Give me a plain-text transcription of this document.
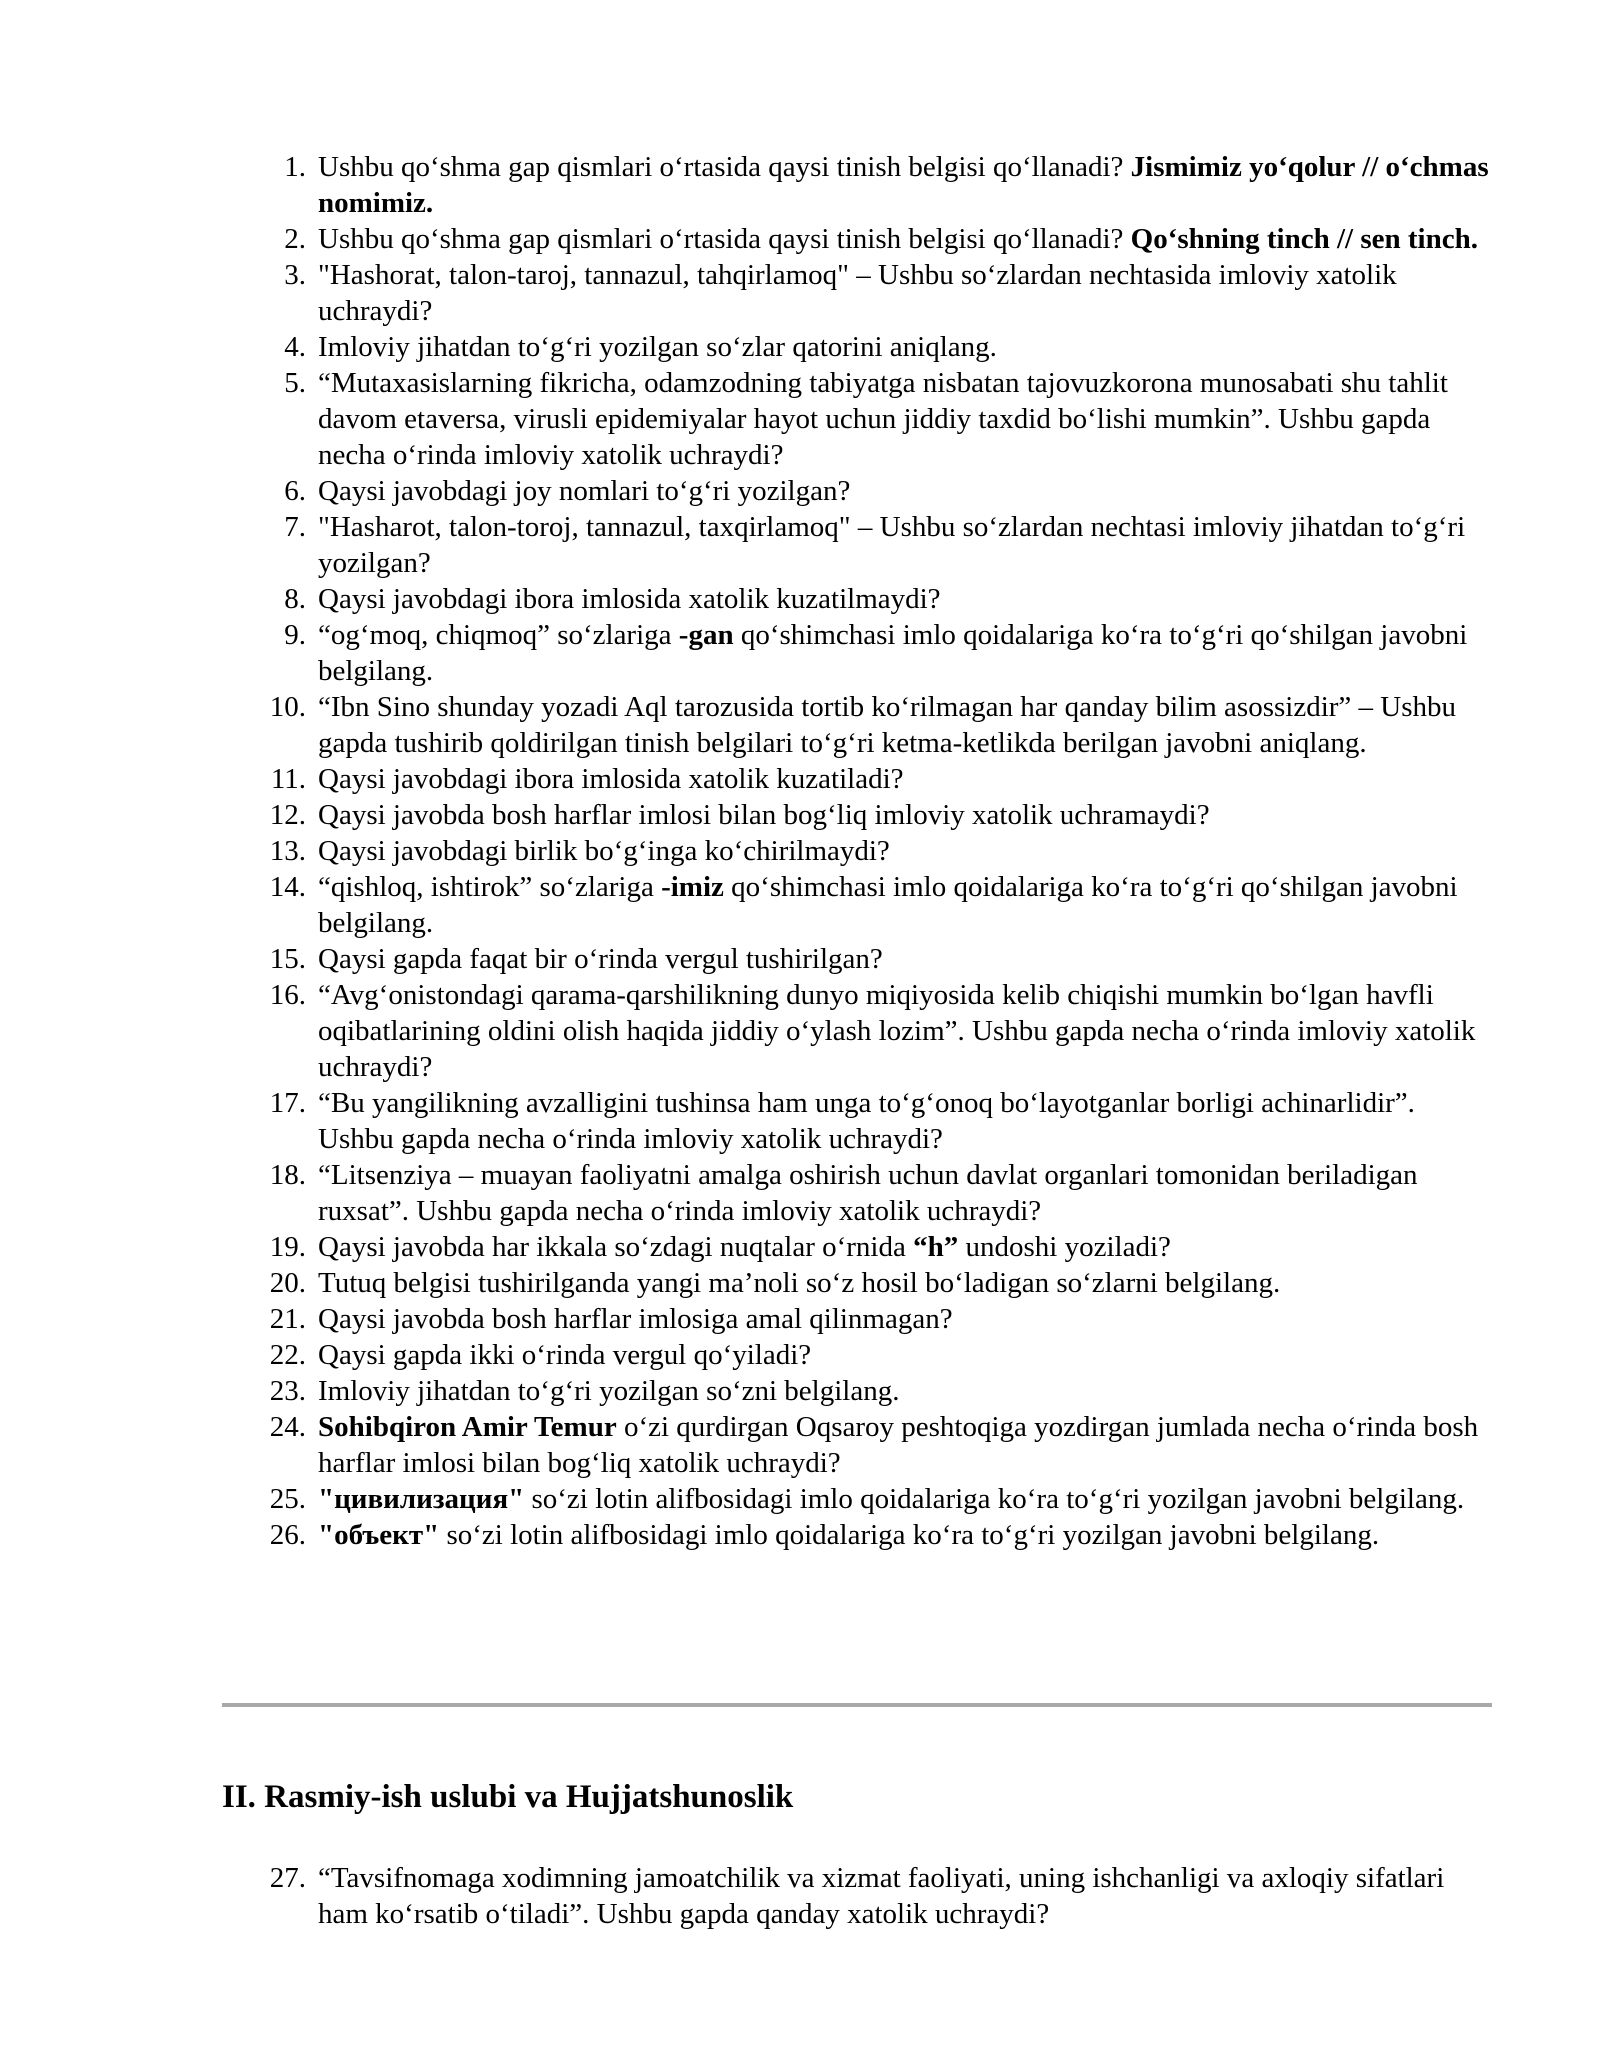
1. Ushbu qoʻshma gap qismlari oʻrtasida qaysi tinish belgisi qoʻllanadi? Jismimiz yoʻqolur // oʻchmas nomimiz.
2. Ushbu qoʻshma gap qismlari oʻrtasida qaysi tinish belgisi qoʻllanadi? Qoʻshning tinch // sen tinch.
3. "Hashorat, talon-taroj, tannazul, tahqirlamoq" – Ushbu soʻzlardan nechtasida imloviy xatolik uchraydi?
4. Imloviy jihatdan toʻgʻri yozilgan soʻzlar qatorini aniqlang.
5. “Mutaxasislarning fikricha, odamzodning tabiyatga nisbatan tajovuzkorona munosabati shu tahlit davom etaversa, virusli epidemiyalar hayot uchun jiddiy taxdid boʻlishi mumkin”. Ushbu gapda necha oʻrinda imloviy xatolik uchraydi?
6. Qaysi javobdagi joy nomlari toʻgʻri yozilgan?
7. "Hasharot, talon-toroj, tannazul, taxqirlamoq" – Ushbu soʻzlardan nechtasi imloviy jihatdan toʻgʻri yozilgan?
8. Qaysi javobdagi ibora imlosida xatolik kuzatilmaydi?
9. “ogʻmoq, chiqmoq” soʻzlariga -gan qoʻshimchasi imlo qoidalariga koʻra toʻgʻri qoʻshilgan javobni belgilang.
10. “Ibn Sino shunday yozadi Aql tarozusida tortib koʻrilmagan har qanday bilim asossizdir” – Ushbu gapda tushirib qoldirilgan tinish belgilari toʻgʻri ketma-ketlikda berilgan javobni aniqlang.
11. Qaysi javobdagi ibora imlosida xatolik kuzatiladi?
12. Qaysi javobda bosh harflar imlosi bilan bogʻliq imloviy xatolik uchramaydi?
13. Qaysi javobdagi birlik boʻgʻinga koʻchirilmaydi?
14. “qishloq, ishtirok” soʻzlariga -imiz qoʻshimchasi imlo qoidalariga koʻra toʻgʻri qoʻshilgan javobni belgilang.
15. Qaysi gapda faqat bir oʻrinda vergul tushirilgan?
16. “Avgʻonistondagi qarama-qarshilikning dunyo miqiyosida kelib chiqishi mumkin boʻlgan havfli oqibatlarining oldini olish haqida jiddiy oʻylash lozim”. Ushbu gapda necha oʻrinda imloviy xatolik uchraydi?
17. “Bu yangilikning avzalligini tushinsa ham unga toʻgʻonoq boʻlayotganlar borligi achinarlidir”. Ushbu gapda necha oʻrinda imloviy xatolik uchraydi?
18. “Litsenziya – muayan faoliyatni amalga oshirish uchun davlat organlari tomonidan beriladigan ruxsat”. Ushbu gapda necha oʻrinda imloviy xatolik uchraydi?
19. Qaysi javobda har ikkala soʻzdagi nuqtalar oʻrnida “h” undoshi yoziladi?
20. Tutuq belgisi tushirilganda yangi ma’noli soʻz hosil boʻladigan soʻzlarni belgilang.
21. Qaysi javobda bosh harflar imlosiga amal qilinmagan?
22. Qaysi gapda ikki oʻrinda vergul qoʻyiladi?
23. Imloviy jihatdan toʻgʻri yozilgan soʻzni belgilang.
24. Sohibqiron Amir Temur oʻzi qurdirgan Oqsaroy peshtoqiga yozdirgan jumlada necha oʻrinda bosh harflar imlosi bilan bogʻliq xatolik uchraydi?
25. "цивилизация" soʻzi lotin alifbosidagi imlo qoidalariga koʻra toʻgʻri yozilgan javobni belgilang.
26. "объект" soʻzi lotin alifbosidagi imlo qoidalariga koʻra toʻgʻri yozilgan javobni belgilang.
II. Rasmiy-ish uslubi va Hujjatshunoslik
27. “Tavsifnomaga xodimning jamoatchilik va xizmat faoliyati, uning ishchanligi va axloqiy sifatlari ham koʻrsatib oʻtiladi”. Ushbu gapda qanday xatolik uchraydi?
